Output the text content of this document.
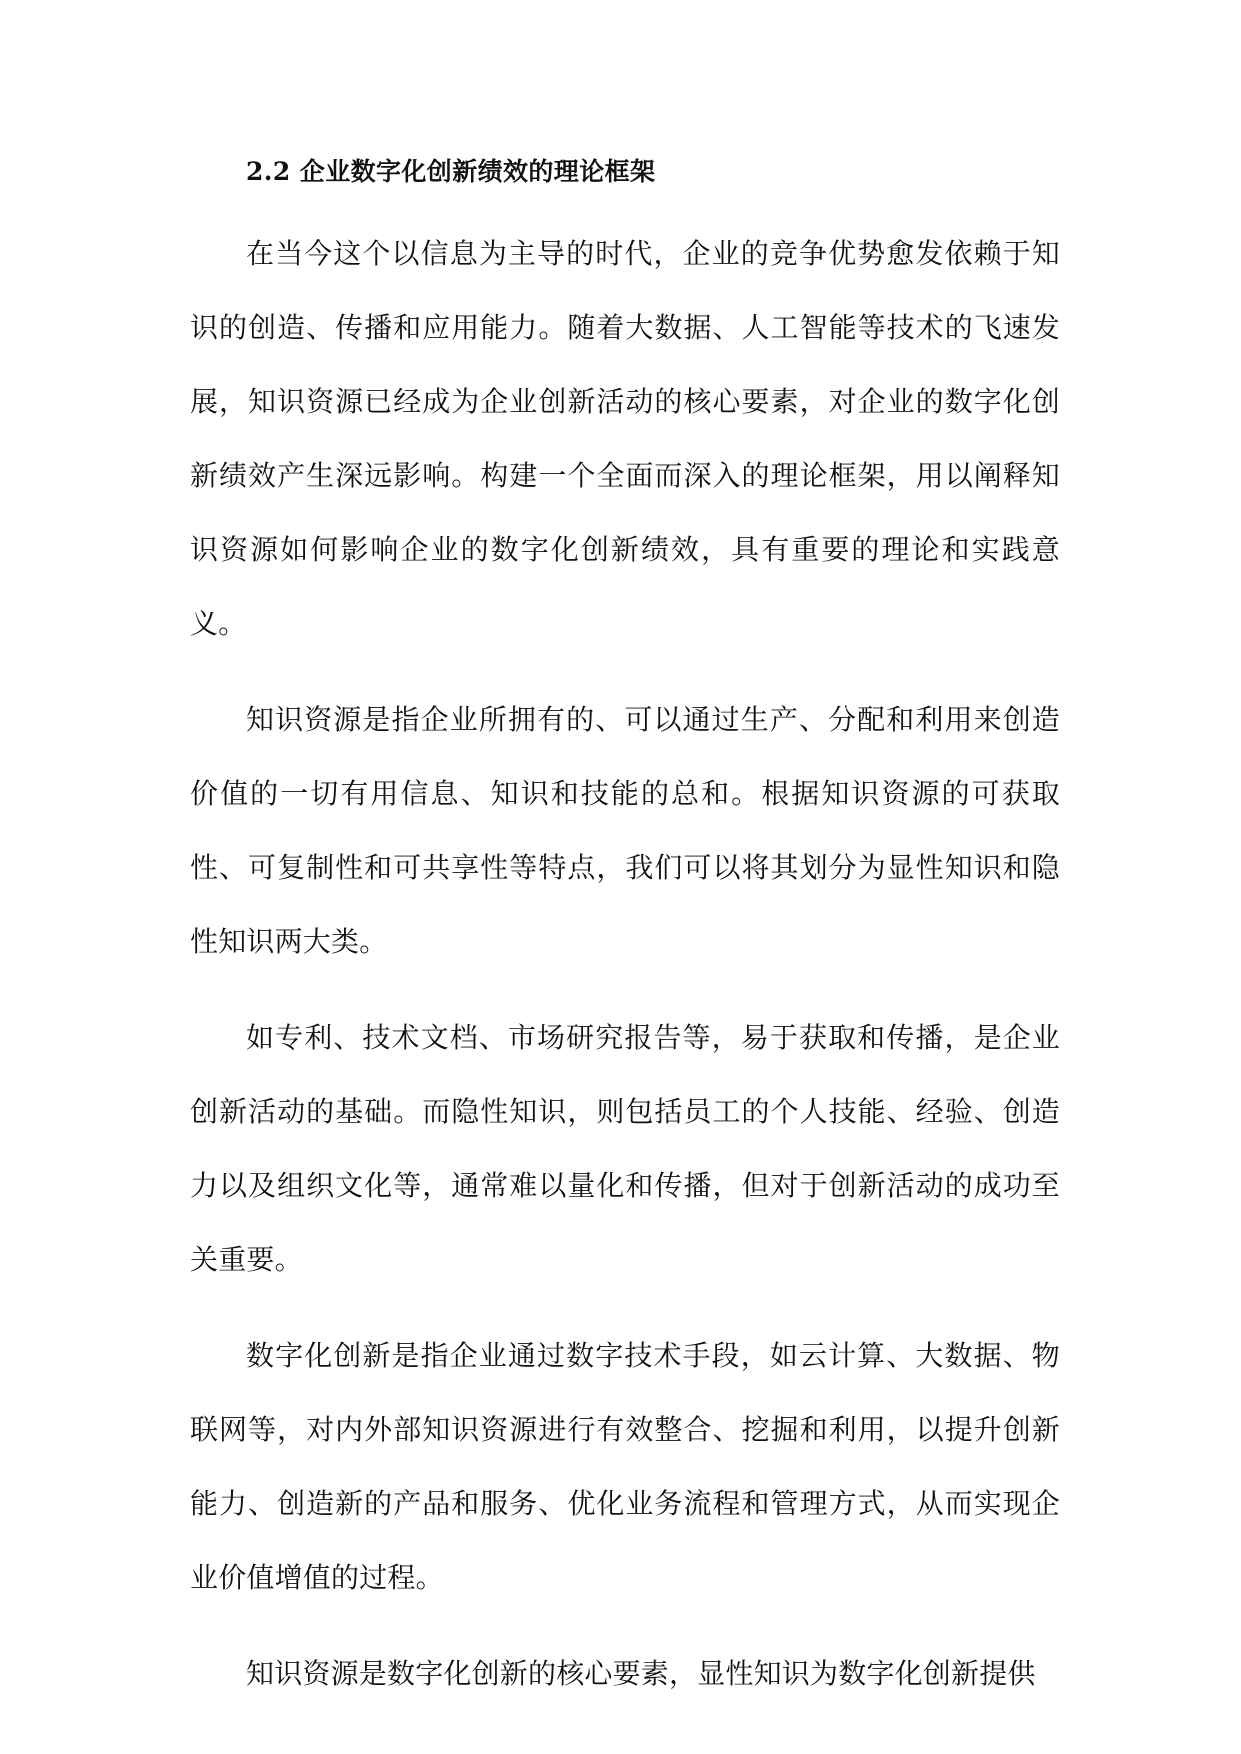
2.2 企业数字化创新绩效的理论框架

在当今这个以信息为主导的时代，企业的竞争优势愈发依赖于知识的创造、传播和应用能力。随着大数据、人工智能等技术的飞速发展，知识资源已经成为企业创新活动的核心要素，对企业的数字化创新绩效产生深远影响。构建一个全面而深入的理论框架，用以阐释知识资源如何影响企业的数字化创新绩效，具有重要的理论和实践意义。

知识资源是指企业所拥有的、可以通过生产、分配和利用来创造价值的一切有用信息、知识和技能的总和。根据知识资源的可获取性、可复制性和可共享性等特点，我们可以将其划分为显性知识和隐性知识两大类。

如专利、技术文档、市场研究报告等，易于获取和传播，是企业创新活动的基础。而隐性知识，则包括员工的个人技能、经验、创造力以及组织文化等，通常难以量化和传播，但对于创新活动的成功至关重要。

数字化创新是指企业通过数字技术手段，如云计算、大数据、物联网等，对内外部知识资源进行有效整合、挖掘和利用，以提升创新能力、创造新的产品和服务、优化业务流程和管理方式，从而实现企业价值增值的过程。

知识资源是数字化创新的核心要素，显性知识为数字化创新提供
